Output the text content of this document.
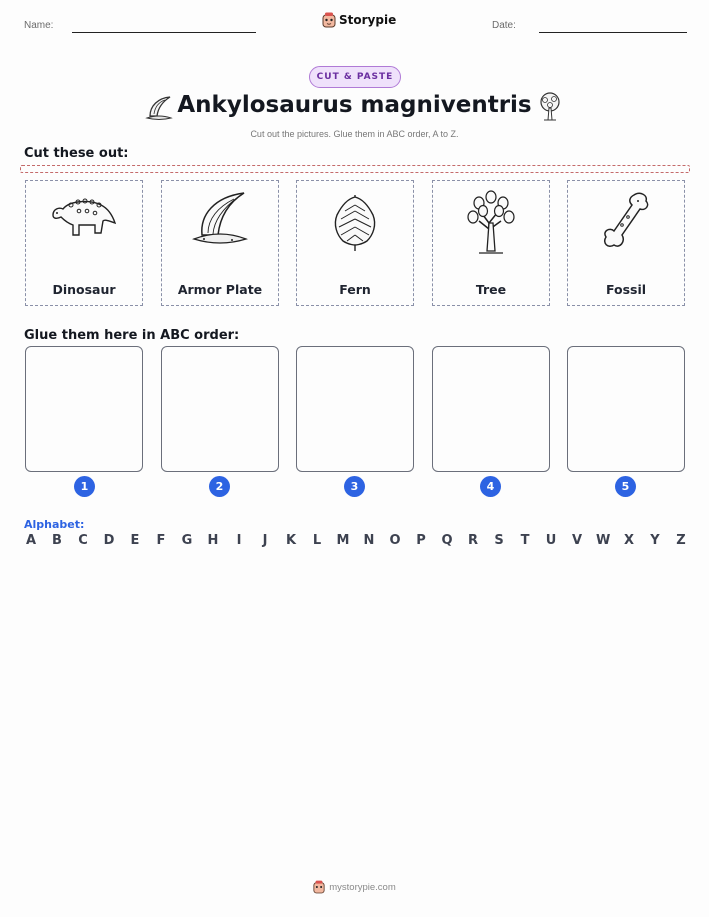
Name:	Storypie	Date:
CUT & PASTE
Ankylosaurus magniventris
Cut out the pictures. Glue them in ABC order, A to Z.
Cut these out:
Dinosaur	Armor Plate	Fern	Tree	Fossil
Glue them here in ABC order:
1	2	3	4	5
Alphabet:
A B C D E F G H	I	J	K L M N O P Q R S T U V W X Y Z
mystorypie.com
